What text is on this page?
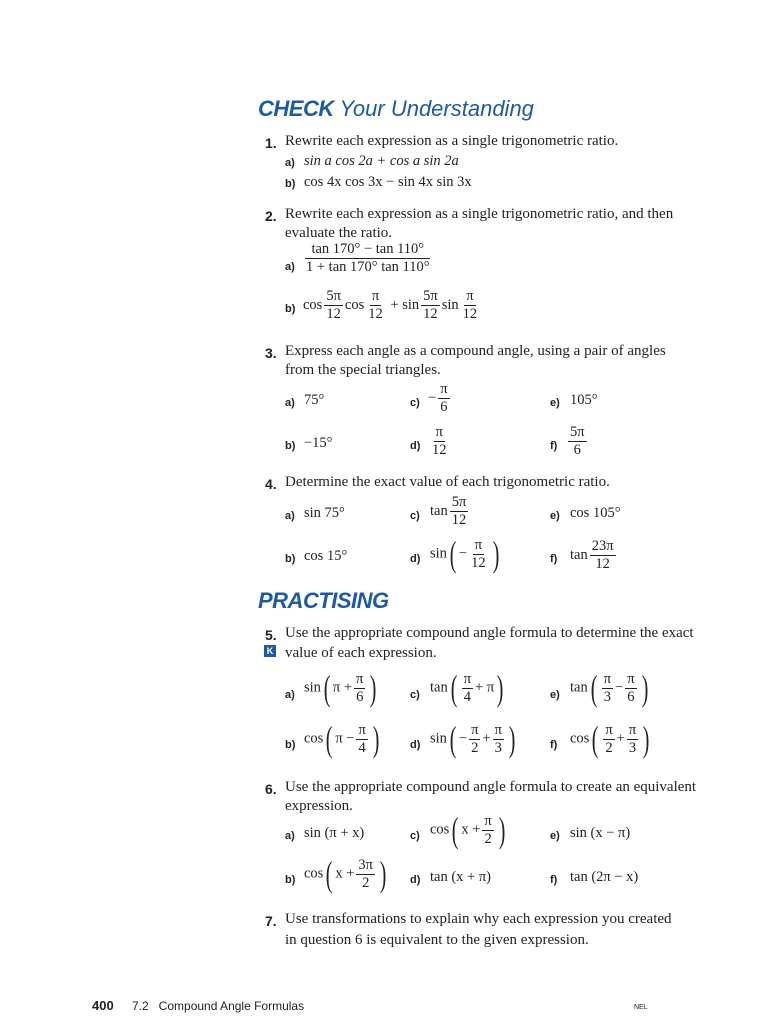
CHECK Your Understanding
1. Rewrite each expression as a single trigonometric ratio.
a) sin a cos 2a + cos a sin 2a
b) cos 4x cos 3x − sin 4x sin 3x
2. Rewrite each expression as a single trigonometric ratio, and then
evaluate the ratio.
$a) \frac{\tan 170^\circ - \tan 110^\circ}{1 + \tan 170^\circ \tan 110^\circ}$
b) $\cos \frac{5\pi}{12}$ $\cos \frac{\pi}{12} + \sin \frac{5\pi}{12}$ $\sin \frac{\pi}{12}$
3. Express each angle as a compound angle, using a pair of angles
from the special triangles.
a) 75°	$c) - \frac{\pi}{6}$	e) 105°
b) −15°	$d) \frac{\pi}{12}$	$f) \frac{5\pi}{6}$
4. Determine the exact value of each trigonometric ratio.
a) sin 75°	c) $\tan \frac{5\pi}{12}$	e) cos 105°
b) cos 15°	d) $\sin( - \frac{\pi}{12}$ )	f) $\tan \frac{23\pi}{12}$
PRACTISING
5.
K
Use the appropriate compound angle formula to determine the exact
value of each expression.
a) sin( $\pi + \frac{\pi}{6}$ )	c) $\tan( \frac{\pi}{4} + \pi)$	e) $\tan( \frac{\pi}{3} - \frac{\pi}{6}$ )
b) cos( $\pi - \frac{\pi}{4}$ )	d) $\sin( - \frac{\pi}{2} + \frac{\pi}{3}$ )	f) $\cos( \frac{\pi}{2} + \frac{\pi}{3}$ )
6. Use the appropriate compound angle formula to create an equivalent
expression.
a) sin (π + x)	c) cos( $x + \frac{\pi}{2}$ )	e) sin (x − π)
b) cos( $x + \frac{3\pi}{2}$ ) d) tan (x + π)	f) tan (2π − x)
7. Use transformations to explain why each expression you created
in question 6 is equivalent to the given expression.
400 7.2   Compound Angle Formulas	NEL
